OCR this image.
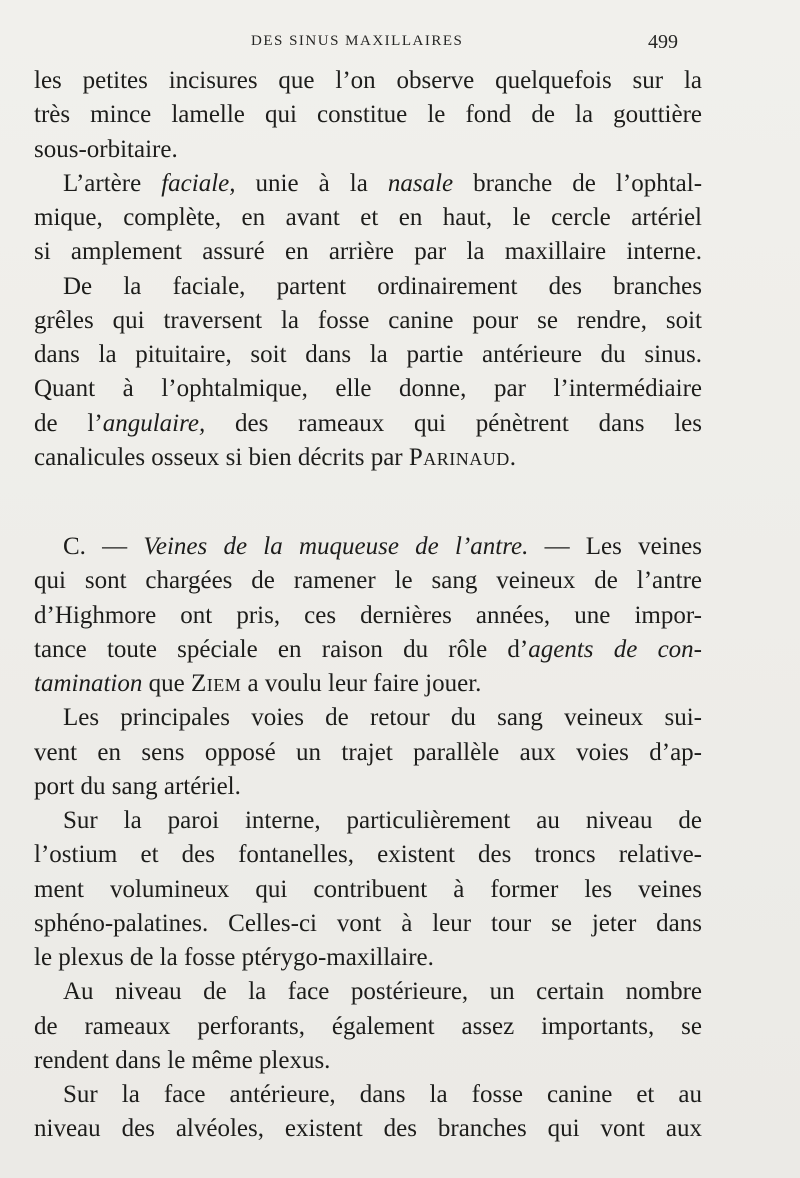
DES SINUS MAXILLAIRES	499
les petites incisures que l’on observe quelquefois sur la
très mince lamelle qui constitue le fond de la gouttière
sous-orbitaire.
L’artère faciale, unie à la nasale branche de l’ophtal-
mique, complète, en avant et en haut, le cercle artériel
si amplement assuré en arrière par la maxillaire interne.
De la faciale, partent ordinairement des branches
grêles qui traversent la fosse canine pour se rendre, soit
dans la pituitaire, soit dans la partie antérieure du sinus.
Quant à l’ophtalmique, elle donne, par l’intermédiaire
de l’angulaire, des rameaux qui pénètrent dans les
canalicules osseux si bien décrits par Parinaud.
C. — Veines de la muqueuse de l’antre. — Les veines
qui sont chargées de ramener le sang veineux de l’antre
d’Highmore ont pris, ces dernières années, une impor-
tance toute spéciale en raison du rôle d’agents de con-
tamination que Ziem a voulu leur faire jouer.
Les principales voies de retour du sang veineux sui-
vent en sens opposé un trajet parallèle aux voies d’ap-
port du sang artériel.
Sur la paroi interne, particulièrement au niveau de
l’ostium et des fontanelles, existent des troncs relative-
ment volumineux qui contribuent à former les veines
sphéno-palatines. Celles-ci vont à leur tour se jeter dans
le plexus de la fosse ptérygo-maxillaire.
Au niveau de la face postérieure, un certain nombre
de rameaux perforants, également assez importants, se
rendent dans le même plexus.
Sur la face antérieure, dans la fosse canine et au
niveau des alvéoles, existent des branches qui vont aux
